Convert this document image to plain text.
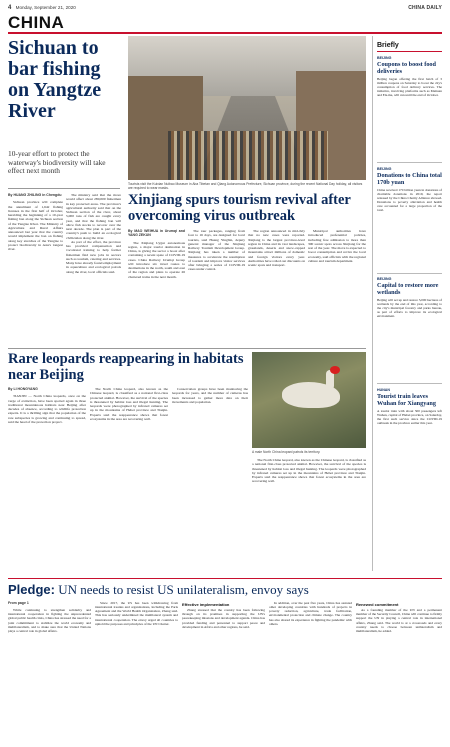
4 Monday, September 21, 2020	CHINA DAILY
CHINA
Sichuan to bar fishing on Yangtze River
10-year effort to protect the waterway's biodiversity will take effect next month

By HUANG ZHILING in Chengdu

Sichuan province will complete the annulment of 1,642 fishing licenses in the first half of October, heralding the beginning of a 10-year fishing ban along the Sichuan section of the Yangtze River. The Ministry of Agriculture and Rural Affairs announced last year that the country would implement the ban on fishing along key stretches of the Yangtze to protect biodiversity in Asia's longest river.

The ministry said that the move would affect about 280,000 fishermen in key protected areas. The province's agricultural authority said that on the Sichuan section of the river, about 5,000 tons of fish are caught every year, and that the fishing ban will allow fish stocks to recover over the next decade. The plan is part of the country's push to build an ecological civilization along the river.

As part of the effort, the province has provided compensation and vocational training to help former fishermen find new jobs in sectors such as tourism, catering and services. Many have already found employment in aquaculture and ecological patrols along the river, local officials said.

Tourists visit the Kuixian Nuibao Museum in Aba Tibetan and Qiang Autonomous Prefecture, Sichuan province, during the recent National Day holiday, all visitors are required to wear masks.
Xinjiang spurs tourism revival after overcoming virus outbreak

By MAO WEIHUA in Urumqi and YANG ZEKUN

The Xinjiang Uygur autonomous region, a major tourist destination in China, is giving the sector a boost after containing a recent spate of COVID-19 cases. China Railway Urumqi Group will introduce six travel routes to destinations in the north, south and east of the region and plans to operate 26 chartered trains in the next month.

The tour packages, ranging from four to 16 days, are designed for local tourists, said Huang Yingbin, deputy general manager of the Xinjiang Railway Tourism Development Group. Xinjiang has taken a number of measures to accelerate the resumption of tourism and improve visitor services after bringing a series of COVID-19 cases under control.

The region announced in mid-July that no new cases were reported. Xinjiang is the largest province-level region in China and its vast landscapes, grasslands, deserts and snow-capped mountains attract millions of domestic and foreign visitors every year. Authorities have rolled out discounts on scenic spots and transport.

Municipal authorities have introduced preferential policies, including free admission to more than 300 scenic spots across Xinjiang for the rest of the year. The move is expected to boost consumption and revive the local economy, said officials with the regional culture and tourism department.

Rare leopards reappearing in habitats near Beijing
A male North China leopard patrols its territory.

By LI HONGYANG

TIANJIN — North China leopards, once on the verge of extinction, have been spotted again in three traditional mountainous habitats near Beijing after decades of absence, according to wildlife protection experts. It is a thrilling sign that the population of the rare subspecies is growing and continuing to spread, said the head of the protection project.

The North China leopard, also known as the Chinese leopard, is classified as a national first-class protected animal. However, the survival of the species is threatened by habitat loss and illegal hunting. The leopards were photographed by infrared cameras set up in the mountains of Hebei province and Tianjin. Experts said the reappearance shows that forest ecosystems in the area are recovering well.

Conservation groups have been monitoring the leopards for years, and the number of cameras has been increased to gather more data on their movements and population.

The North China leopard, also known as the Chinese leopard, is classified as a national first-class protected animal. However, the survival of the species is threatened by habitat loss and illegal hunting. The leopards were photographed by infrared cameras set up in the mountains of Hebei province and Tianjin. Experts said the reappearance shows that forest ecosystems in the area are recovering well.

Briefly
BEIJING
Coupons to boost food deliveries
Beijing began offering the first batch of 3 million coupons on Saturday to boost the city's consumption of food delivery services. The initiative, involving platforms such as Meituan and Ele.me, will run until the end of October.
BEIJING
Donations to China total 170b yuan
China received 170 billion yuan in donations of charitable donations in 2019, the report released by the China Charity Alliance showed. Donations to poverty alleviation and health care accounted for a large proportion of the total.
BEIJING
Capital to restore more wetlands
Beijing will set up and restore 3,000 hectares of wetlands by the end of this year, according to the city's municipal forestry and parks bureau, as part of efforts to improve its ecological environment.
HUNAN
Tourist train leaves Wuhan for Xiangyang
A tourist train with about 500 passengers left Wuhan, capital of Hubei province, on Saturday, the first such service since the COVID-19 outbreak in the province earlier this year.
Pledge: UN needs to resist US unilateralism, envoy says

From page 1

While continuing to strengthen solidarity and international cooperation in fighting the unprecedented global public health crisis, China has stressed the need for a joint commitment to stabilize the world economy and multilateralism, and to make sure that the United Nations plays a central role in global affairs.

Since 2017, the US has been withdrawing from international treaties and organizations, including the Paris Agreement and the World Health Organization, Zhang said. This has seriously undermined the multilateral system and international cooperation. The envoy urged all countries to uphold the purposes and principles of the UN Charter.

Effective implementation

Zhang stressed that the country has been following through on its promises in supporting the UN's peacekeeping missions and development agenda. China has provided funding and personnel to support peace and development in Africa and other regions, he said.

In addition, over the past five years, China has assisted other developing countries with hundreds of projects in poverty reduction, agriculture, trade facilitation, environmental protection and climate change. The country has also shared its experience in fighting the pandemic with others.

Renewed commitment

As a founding member of the UN and a permanent member of the Security Council, China will continue to firmly support the UN in playing a central role in international affairs, Zhang said. The world is at a crossroads and every country needs to choose between unilateralism and multilateralism, he added.
